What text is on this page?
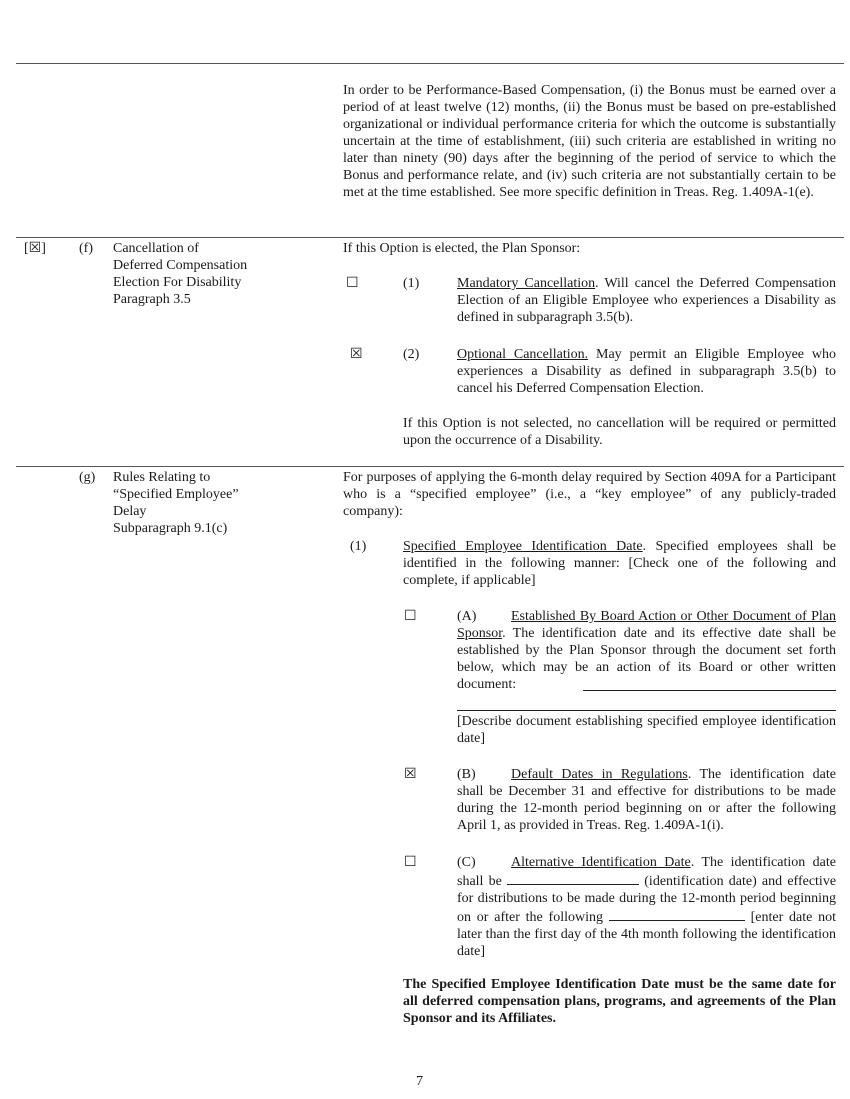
In order to be Performance-Based Compensation, (i) the Bonus must be earned over a period of at least twelve (12) months, (ii) the Bonus must be based on pre-established organizational or individual performance criteria for which the outcome is substantially uncertain at the time of establishment, (iii) such criteria are established in writing no later than ninety (90) days after the beginning of the period of service to which the Bonus and performance relate, and (iv) such criteria are not substantially certain to be met at the time established. See more specific definition in Treas. Reg. 1.409A-1(e).
[☒] (f) Cancellation of
Deferred Compensation
Election For Disability
Paragraph 3.5
If this Option is elected, the Plan Sponsor:
☐	(1)	Mandatory Cancellation. Will cancel the Deferred Compensation Election of an Eligible Employee who experiences a Disability as defined in subparagraph 3.5(b).
☒	(2)	Optional Cancellation. May permit an Eligible Employee who experiences a Disability as defined in subparagraph 3.5(b) to cancel his Deferred Compensation Election.
If this Option is not selected, no cancellation will be required or permitted upon the occurrence of a Disability.
(g) Rules Relating to
“Specified Employee”
Delay
Subparagraph 9.1(c)
For purposes of applying the 6-month delay required by Section 409A for a Participant who is a “specified employee” (i.e., a “key employee” of any publicly-traded company):
(1)	Specified Employee Identification Date. Specified employees shall be identified in the following manner: [Check one of the following and complete, if applicable]
☐	(A)	Established By Board Action or Other Document of Plan Sponsor. The identification date and its effective date shall be established by the Plan Sponsor through the document set forth below, which may be an action of its Board or other written document:
[Describe document establishing specified employee identification date]
☒	(B)	Default Dates in Regulations. The identification date shall be December 31 and effective for distributions to be made during the 12-month period beginning on or after the following April 1, as provided in Treas. Reg. 1.409A-1(i).
☐	(C)	Alternative Identification Date. The identification date shall be	(identification date) and effective for distributions to be made during the 12-month period beginning on or after the following	[enter date not later than the first day of the 4th month following the identification date]
The Specified Employee Identification Date must be the same date for all deferred compensation plans, programs, and agreements of the Plan Sponsor and its Affiliates.
7
